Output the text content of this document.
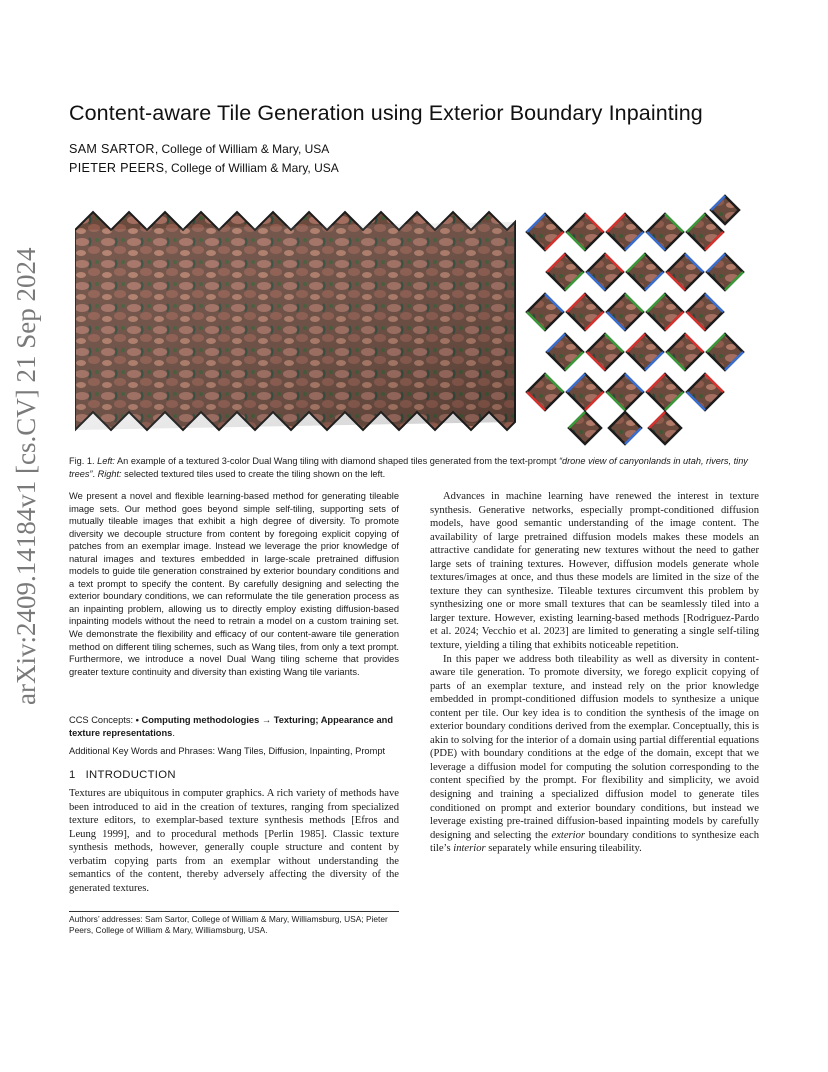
Content-aware Tile Generation using Exterior Boundary Inpainting
SAM SARTOR, College of William & Mary, USA
PIETER PEERS, College of William & Mary, USA
arXiv:2409.14184v1 [cs.CV] 21 Sep 2024	Fig. 1. Left: An example of a textured 3-color Dual Wang tiling with diamond shaped tiles generated from the text-prompt “drone view of canyonlands in utah, rivers, tiny trees”. Right: selected textured tiles used to create the tiling shown on the left.
We present a novel and flexible learning-based method for generating tileable image sets. Our method goes beyond simple self-tiling, supporting sets of mutually tileable images that exhibit a high degree of diversity. To promote diversity we decouple structure from content by foregoing explicit copying of patches from an exemplar image. Instead we leverage the prior knowledge of natural images and textures embedded in large-scale pretrained diffusion models to guide tile generation constrained by exterior boundary conditions and a text prompt to specify the content. By carefully designing and selecting the exterior boundary conditions, we can reformulate the tile generation process as an inpainting problem, allowing us to directly employ existing diffusion-based inpainting models without the need to retrain a model on a custom training set. We demonstrate the flexibility and efficacy of our content-aware tile generation method on different tiling schemes, such as Wang tiles, from only a text prompt. Furthermore, we introduce a novel Dual Wang tiling scheme that provides greater texture continuity and diversity than existing Wang tile variants.
CCS Concepts: • Computing methodologies → Texturing; Appearance and texture representations.
Additional Key Words and Phrases: Wang Tiles, Diffusion, Inpainting, Prompt
1 INTRODUCTION
Textures are ubiquitous in computer graphics. A rich variety of methods have been introduced to aid in the creation of textures, ranging from specialized texture editors, to exemplar-based texture synthesis methods [Efros and Leung 1999], and to procedural methods [Perlin 1985]. Classic texture synthesis methods, however, generally couple structure and content by verbatim copying parts from an exemplar without understanding the semantics of the content, thereby adversely affecting the diversity of the generated textures.
Authors’ addresses: Sam Sartor, College of William & Mary, Williamsburg, USA; Pieter Peers, College of William & Mary, Williamsburg, USA.

Advances in machine learning have renewed the interest in texture synthesis. Generative networks, especially prompt-conditioned diffusion models, have good semantic understanding of the image content. The availability of large pretrained diffusion models makes these models an attractive candidate for generating new textures without the need to gather large sets of training textures. However, diffusion models generate whole textures/images at once, and thus these models are limited in the size of the texture they can synthesize. Tileable textures circumvent this problem by synthesizing one or more small textures that can be seamlessly tiled into a larger texture. However, existing learning-based methods [Rodriguez-Pardo et al. 2024; Vecchio et al. 2023] are limited to generating a single self-tiling texture, yielding a tiling that exhibits noticeable repetition.

In this paper we address both tileability as well as diversity in content-aware tile generation. To promote diversity, we forego explicit copying of parts of an exemplar texture, and instead rely on the prior knowledge embedded in prompt-conditioned diffusion models to synthesize a unique content per tile. Our key idea is to condition the synthesis of the image on exterior boundary conditions derived from the exemplar. Conceptually, this is akin to solving for the interior of a domain using partial differential equations (PDE) with boundary conditions at the edge of the domain, except that we leverage a diffusion model for computing the solution corresponding to the content specified by the prompt. For flexibility and simplicity, we avoid designing and training a specialized diffusion model to generate tiles conditioned on prompt and exterior boundary conditions, but instead we leverage existing pre-trained diffusion-based inpainting models by carefully designing and selecting the exterior boundary conditions to synthesize each tile’s interior separately while ensuring tileability.
